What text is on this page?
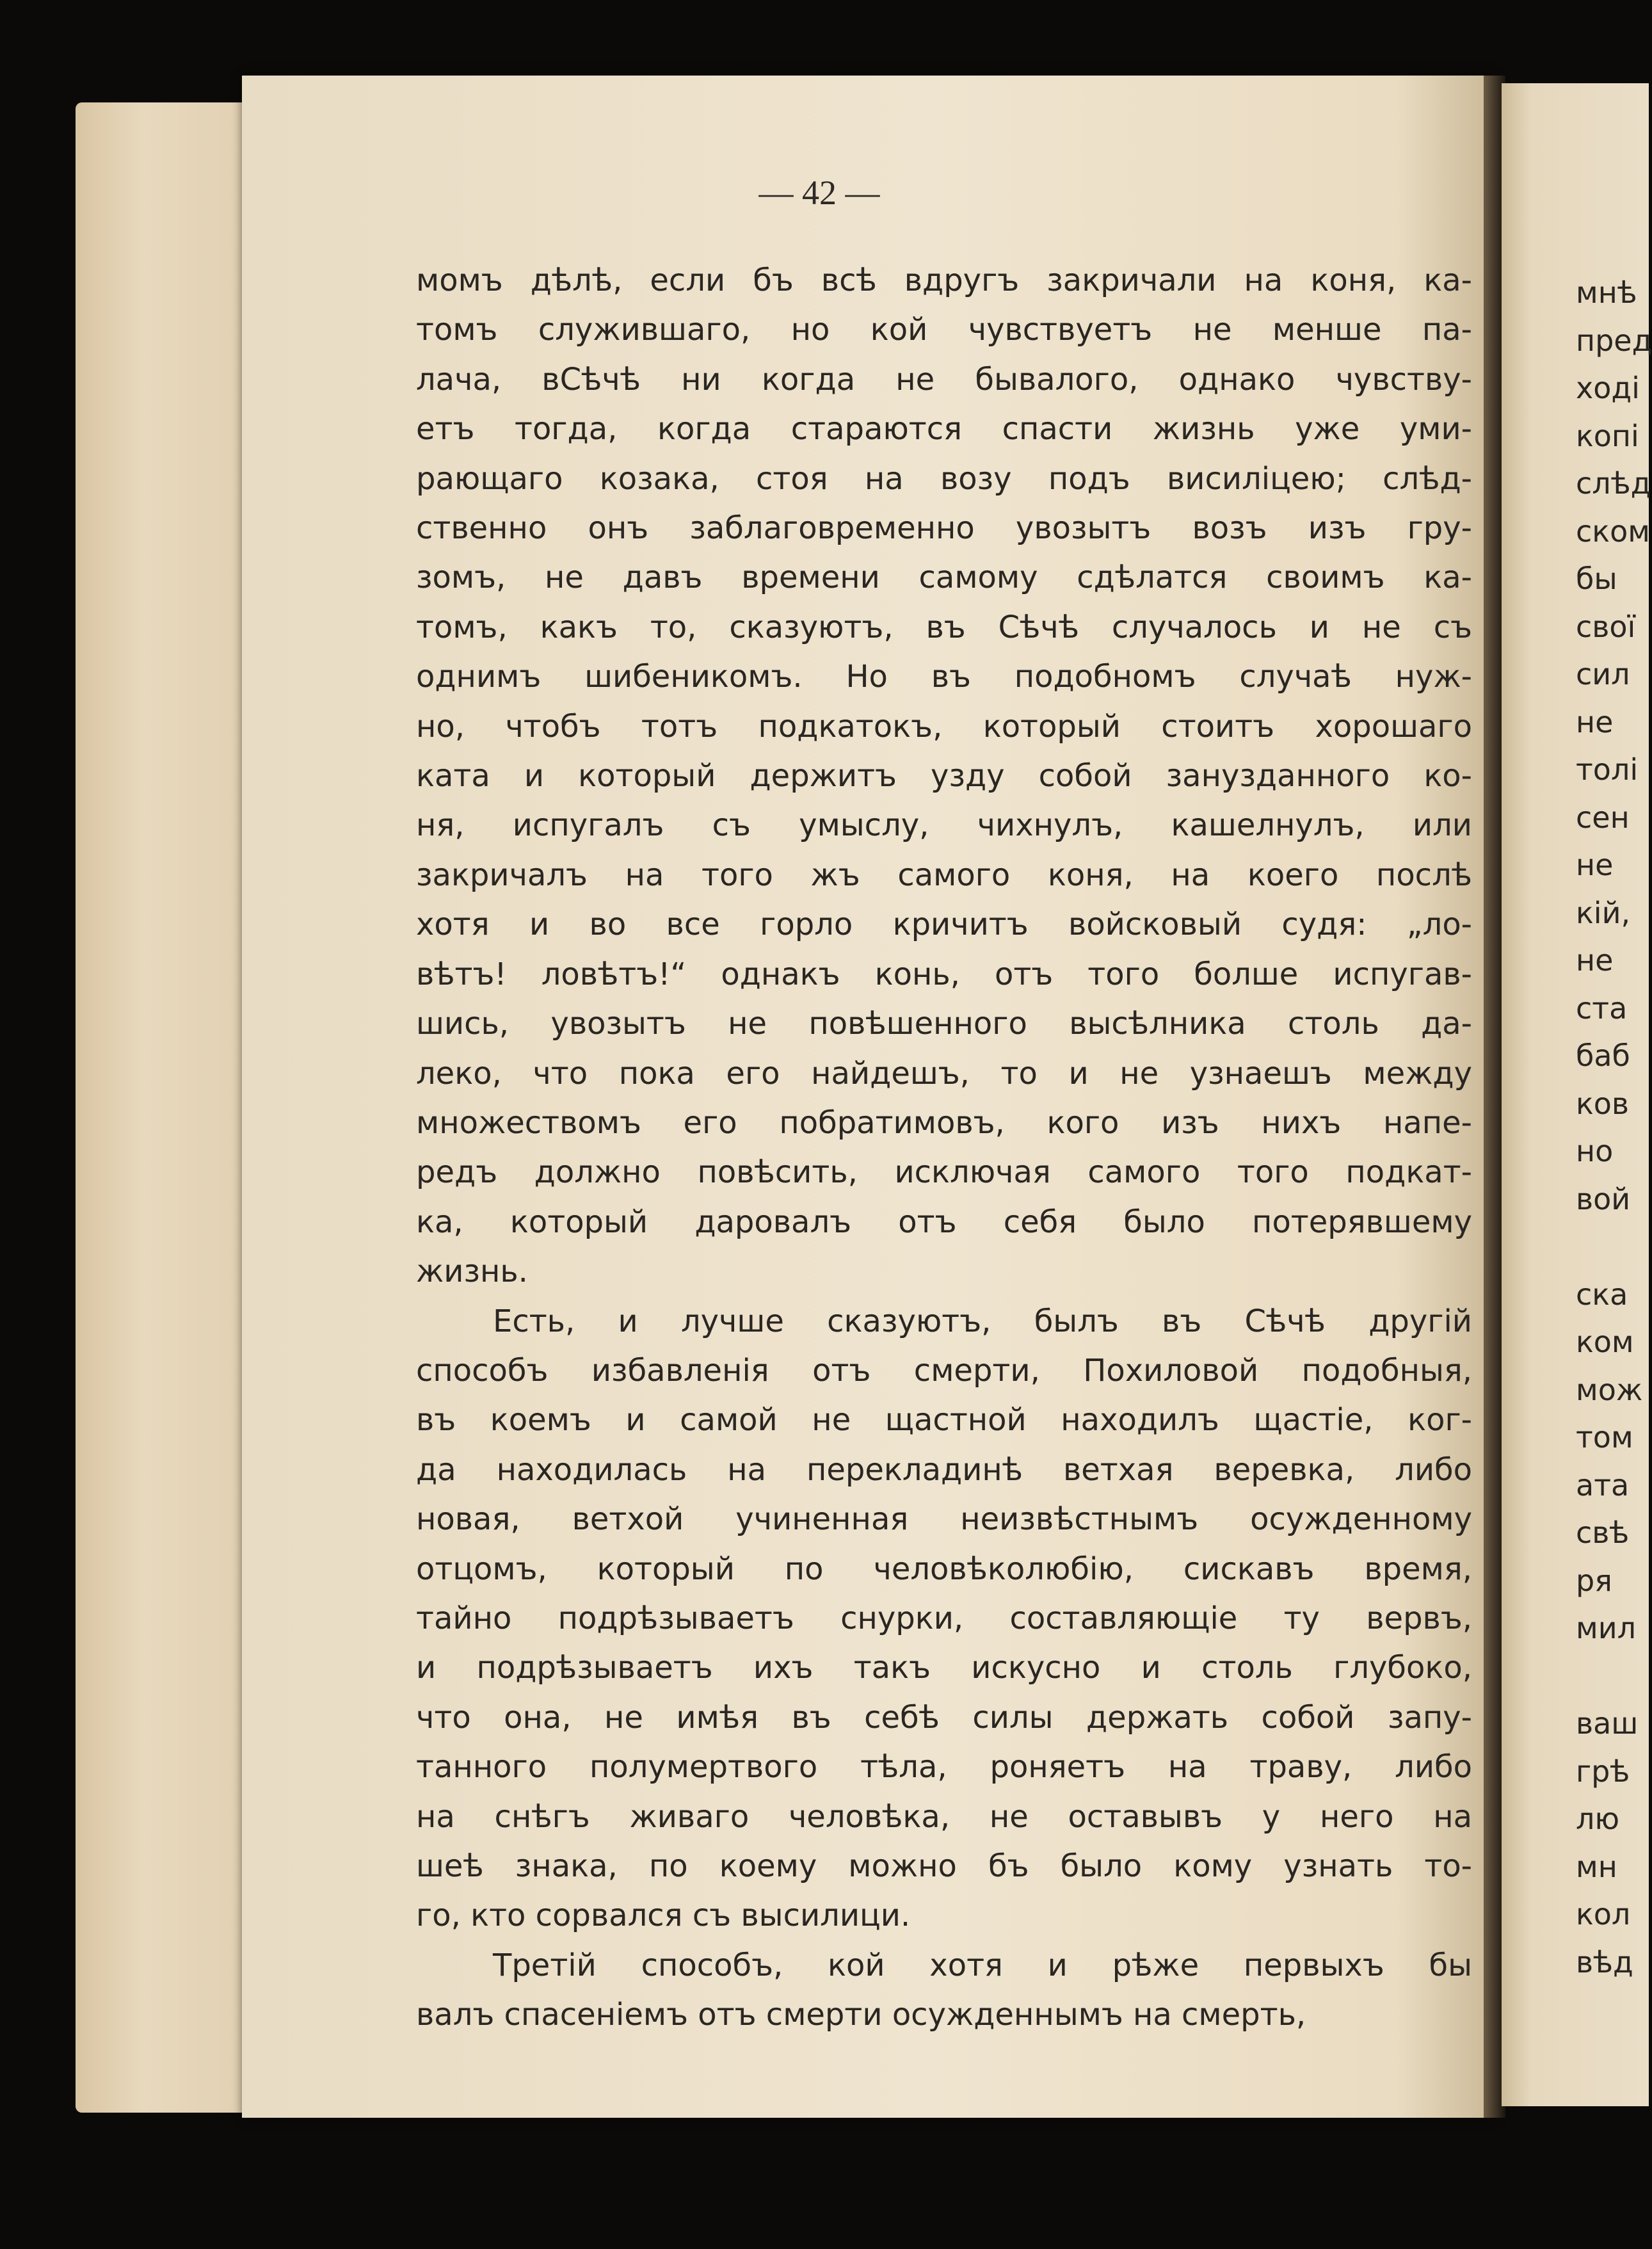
— 42 —
момъ дѣлѣ, если бъ всѣ вдругъ закричали на коня, ка-
томъ служившаго, но кой чувствуетъ не менше па-
лача, вСѣчѣ ни когда не бывалого, однако чувству-
етъ тогда, когда стараются спасти жизнь уже уми-
рающаго козака, стоя на возу подъ висиліцею; слѣд-
ственно онъ заблаговременно увозытъ возъ изъ гру-
зомъ, не давъ времени самому сдѣлатся своимъ ка-
томъ, какъ то, сказуютъ, въ Сѣчѣ случалось и не съ
однимъ шибеникомъ. Но въ подобномъ случаѣ нуж-
но, чтобъ тотъ подкатокъ, который стоитъ хорошаго
ката и который держитъ узду собой занузданного ко-
ня, испугалъ съ умыслу, чихнулъ, кашелнулъ, или
закричалъ на того жъ самого коня, на коего послѣ
хотя и во все горло кричитъ войсковый судя: „ло-
вѣтъ! ловѣтъ!“ однакъ конь, отъ того болше испугав-
шись, увозытъ не повѣшенного высѣлника столь да-
леко, что пока его найдешъ, то и не узнаешъ между
множествомъ его побратимовъ, кого изъ нихъ напе-
редъ должно повѣсить, исключая самого того подкат-
ка, который даровалъ отъ себя было потерявшему
жизнь.
Есть, и лучше сказуютъ, былъ въ Сѣчѣ другій
способъ избавленія отъ смерти, Похиловой подобныя,
въ коемъ и самой не щастной находилъ щастіе, ког-
да находилась на перекладинѣ ветхая веревка, либо
новая, ветхой учиненная неизвѣстнымъ осужденному
отцомъ, который по человѣколюбію, сискавъ время,
тайно подрѣзываетъ снурки, составляющіе ту вервъ,
и подрѣзываетъ ихъ такъ искусно и столь глубоко,
что она, не имѣя въ себѣ силы держать собой запу-
танного полумертвого тѣла, роняетъ на траву, либо
на снѣгъ живаго человѣка, не оставывъ у него на
шеѣ знака, по коему можно бъ было кому узнать то-
го, кто сорвался съ высилици.
Третій способъ, кой хотя и рѣже первыхъ бы
валъ спасеніемъ отъ смерти осужденнымъ на смерть,
мнѣ
пред
ході
копі
слѣд
ском
бы
свої
сил
не
толі
сен
не
кій,
не
ста
баб
ков
но
вой

ска
ком
мож
том
ата
свѣ
ря
мил

ваш
грѣ
лю
мн
кол
вѣд
